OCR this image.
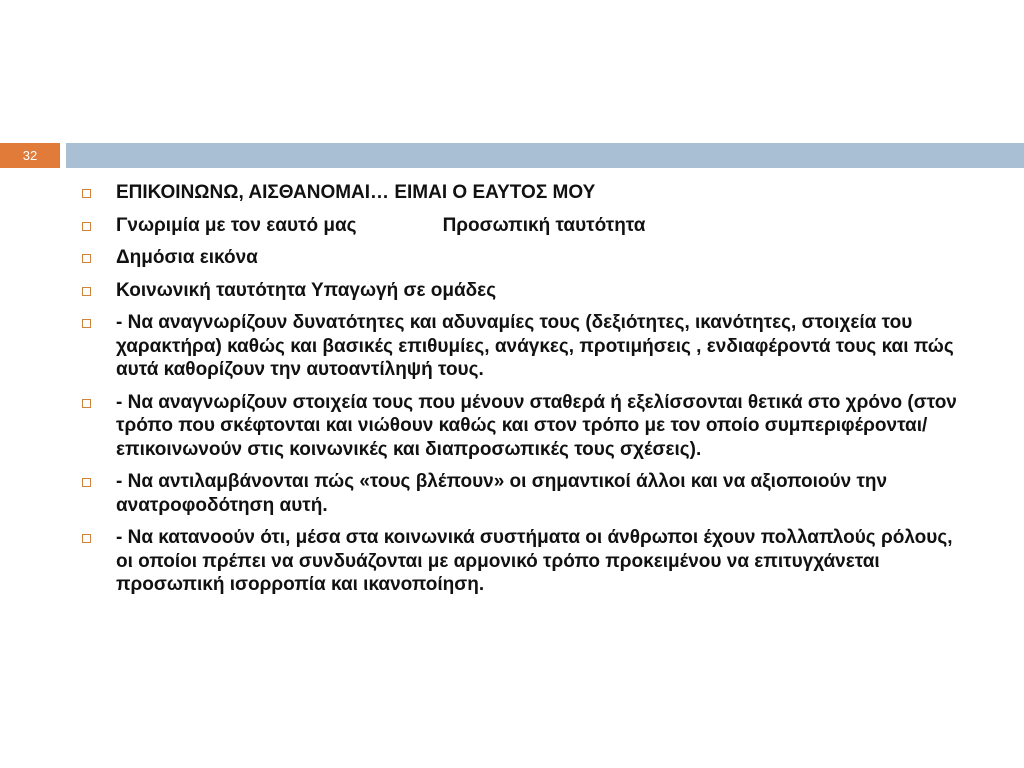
32
ΕΠΙΚΟΙΝΩΝΩ, ΑΙΣΘΑΝΟΜΑΙ… ΕΙΜΑΙ Ο ΕΑΥΤΟΣ ΜΟΥ
Γνωριμία με τον εαυτό μας	Προσωπική ταυτότητα
Δημόσια εικόνα
Κοινωνική ταυτότητα Υπαγωγή σε ομάδες
- Να αναγνωρίζουν δυνατότητες και αδυναμίες τους (δεξιότητες, ικανότητες, στοιχεία του χαρακτήρα) καθώς και βασικές επιθυμίες, ανάγκες, προτιμήσεις , ενδιαφέροντά τους και πώς αυτά καθορίζουν την αυτοαντίληψή τους.
- Να αναγνωρίζουν στοιχεία τους που μένουν σταθερά ή εξελίσσονται θετικά στο χρόνο (στον τρόπο που σκέφτονται και νιώθουν καθώς και στον τρόπο με τον οποίο συμπεριφέρονται/επικοινωνούν στις κοινωνικές και διαπροσωπικές τους σχέσεις).
- Να αντιλαμβάνονται πώς «τους βλέπουν» οι σημαντικοί άλλοι και να αξιοποιούν την ανατροφοδότηση αυτή.
- Να κατανοούν ότι, μέσα στα κοινωνικά συστήματα οι άνθρωποι έχουν πολλαπλούς ρόλους, οι οποίοι πρέπει να συνδυάζονται με αρμονικό τρόπο προκειμένου να επιτυγχάνεται προσωπική ισορροπία και ικανοποίηση.
